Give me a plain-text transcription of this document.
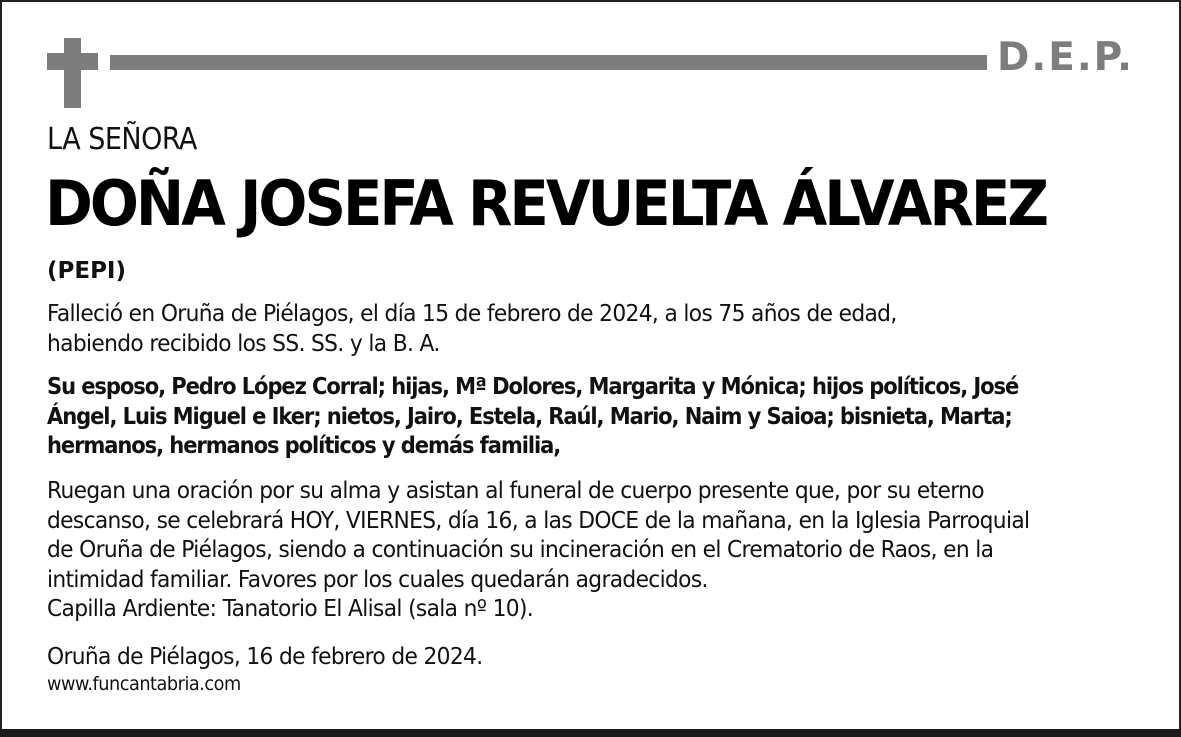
D.E.P.
LA SEÑORA
DOÑA JOSEFA REVUELTA ÁLVAREZ
(PEPI)

Falleció en Oruña de Piélagos, el día 15 de febrero de 2024, a los 75 años de edad,
habiendo recibido los SS. SS. y la B. A.

Su esposo, Pedro López Corral; hijas, Mª Dolores, Margarita y Mónica; hijos políticos, José
Ángel, Luis Miguel e Iker; nietos, Jairo, Estela, Raúl, Mario, Naim y Saioa; bisnieta, Marta;
hermanos, hermanos políticos y demás familia,

Ruegan una oración por su alma y asistan al funeral de cuerpo presente que, por su eterno
descanso, se celebrará HOY, VIERNES, día 16, a las DOCE de la mañana, en la Iglesia Parroquial
de Oruña de Piélagos, siendo a continuación su incineración en el Crematorio de Raos, en la
intimidad familiar. Favores por los cuales quedarán agradecidos.
Capilla Ardiente: Tanatorio El Alisal (sala nº 10).

Oruña de Piélagos, 16 de febrero de 2024.

www.funcantabria.com
